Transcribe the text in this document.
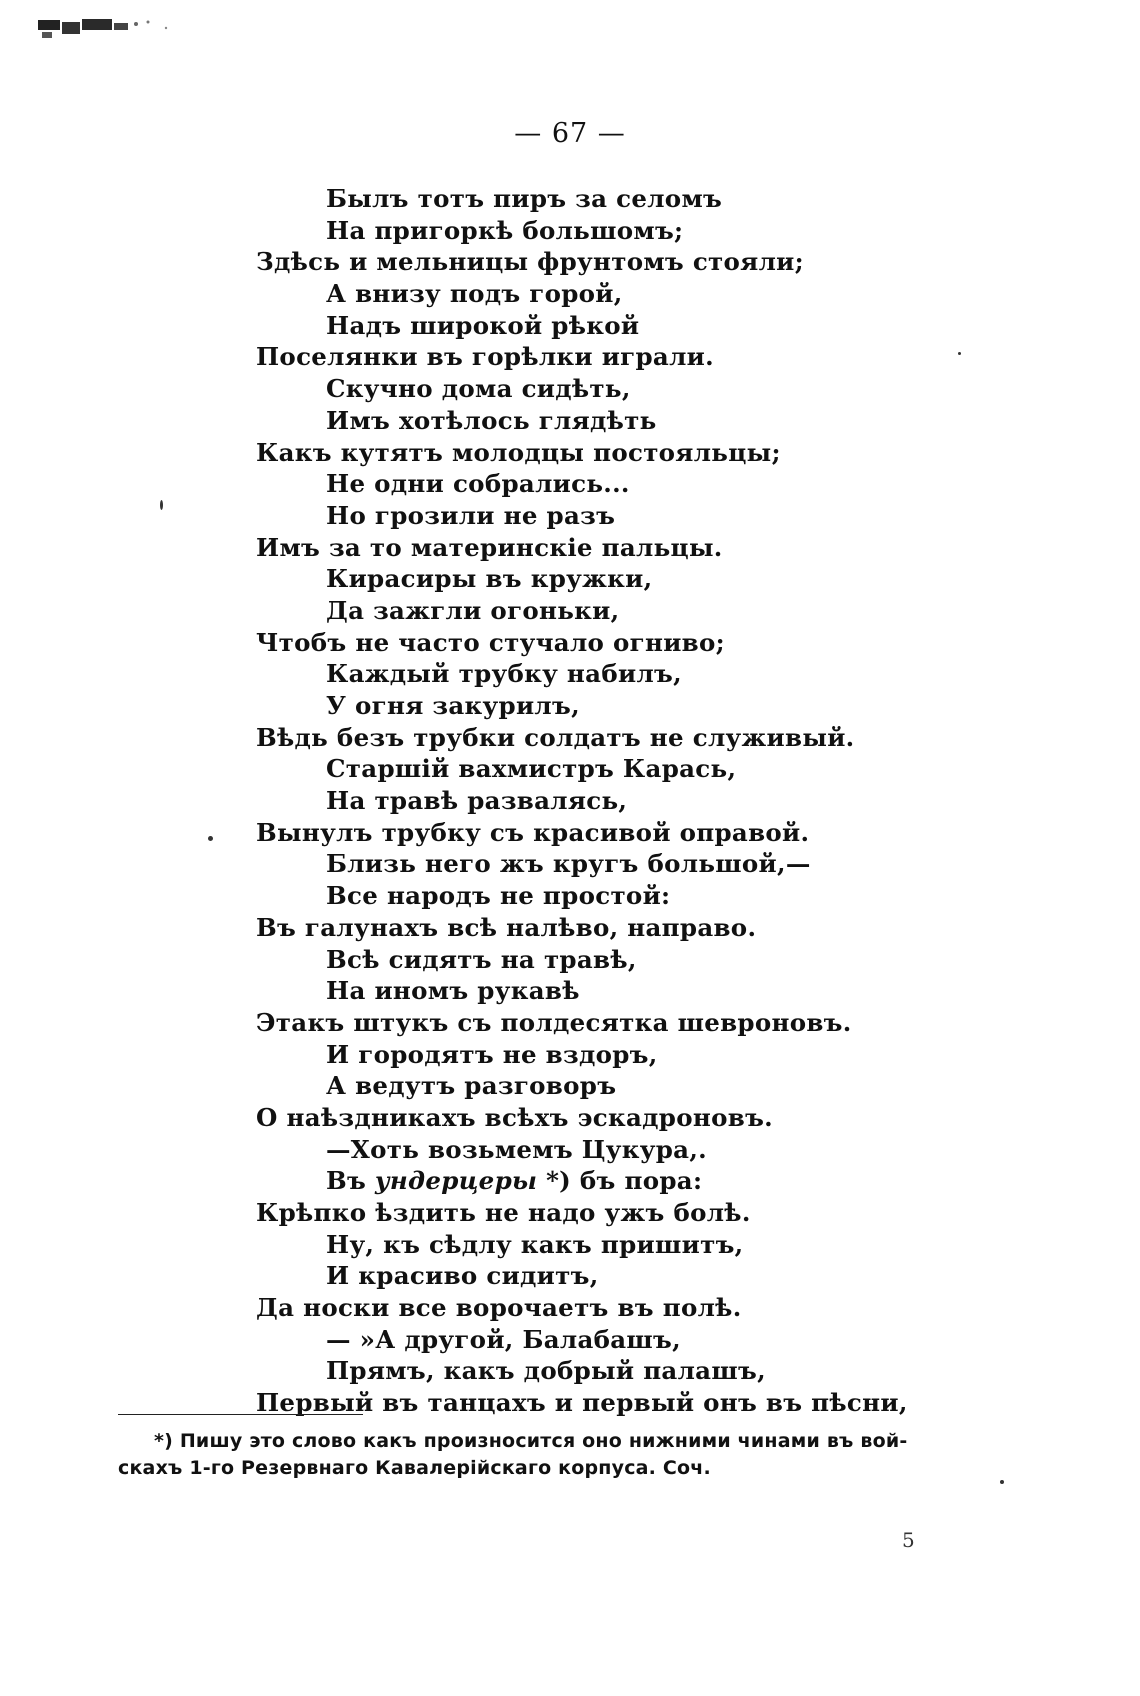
— 67 —
Былъ тотъ пиръ за селомъ
На пригоркѣ большомъ;
Здѣсь и мельницы фрунтомъ стояли;
А внизу подъ горой,
Надъ широкой рѣкой
Поселянки въ горѣлки играли.
Скучно дома сидѣть,
Имъ хотѣлось глядѣть
Какъ кутятъ молодцы постояльцы;
Не одни собрались...
Но грозили не разъ
Имъ за то материнскіе пальцы.
Кирасиры въ кружки,
Да зажгли огоньки,
Чтобъ не часто стучало огниво;
Каждый трубку набилъ,
У огня закурилъ,
Вѣдь безъ трубки солдатъ не служивый.
Старшій вахмистръ Карась,
На травѣ развалясь,
Вынулъ трубку съ красивой оправой.
Близь него жъ кругъ большой,—
Все народъ не простой:
Въ галунахъ всѣ налѣво, направо.
Всѣ сидятъ на травѣ,
На иномъ рукавѣ
Этакъ штукъ съ полдесятка шевроновъ.
И городятъ не вздоръ,
А ведутъ разговоръ
О наѣздникахъ всѣхъ эскадроновъ.
—Хоть возьмемъ Цукура,.
Въ ундерцеры *) бъ пора:
Крѣпко ѣздить не надо ужъ болѣ.
Ну, къ сѣдлу какъ пришитъ,
И красиво сидитъ,
Да носки все ворочаетъ въ полѣ.
— »А другой, Балабашъ,
Прямъ, какъ добрый палашъ,
Первый въ танцахъ и первый онъ въ пѣсни,
*) Пишу это слово какъ произносится оно нижними чинами въ вой-
скахъ 1-го Резервнаго Кавалерійскаго корпуса. Соч.
5
